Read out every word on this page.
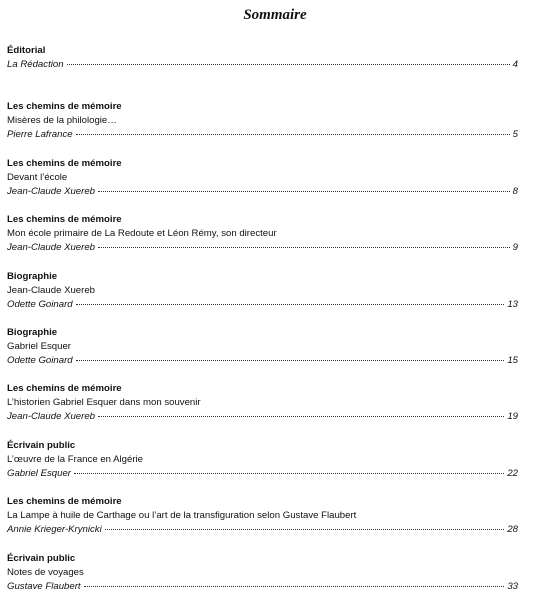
Sommaire
Éditorial
La Rédaction	4
Les chemins de mémoire
Misères de la philologie…
Pierre Lafrance	5
Les chemins de mémoire
Devant l’école
Jean-Claude Xuereb	8
Les chemins de mémoire
Mon école primaire de La Redoute et Léon Rémy, son directeur
Jean-Claude Xuereb	9
Biographie
Jean-Claude Xuereb
Odette Goinard	13
Biographie
Gabriel Esquer
Odette Goinard	15
Les chemins de mémoire
L’historien Gabriel Esquer dans mon souvenir
Jean-Claude Xuereb	19
Écrivain public
L’œuvre de la France en Algérie
Gabriel Esquer	22
Les chemins de mémoire
La Lampe à huile de Carthage ou l’art de la transfiguration selon Gustave Flaubert
Annie Krieger-Krynicki	28
Écrivain public
Notes de voyages
Gustave Flaubert	33
